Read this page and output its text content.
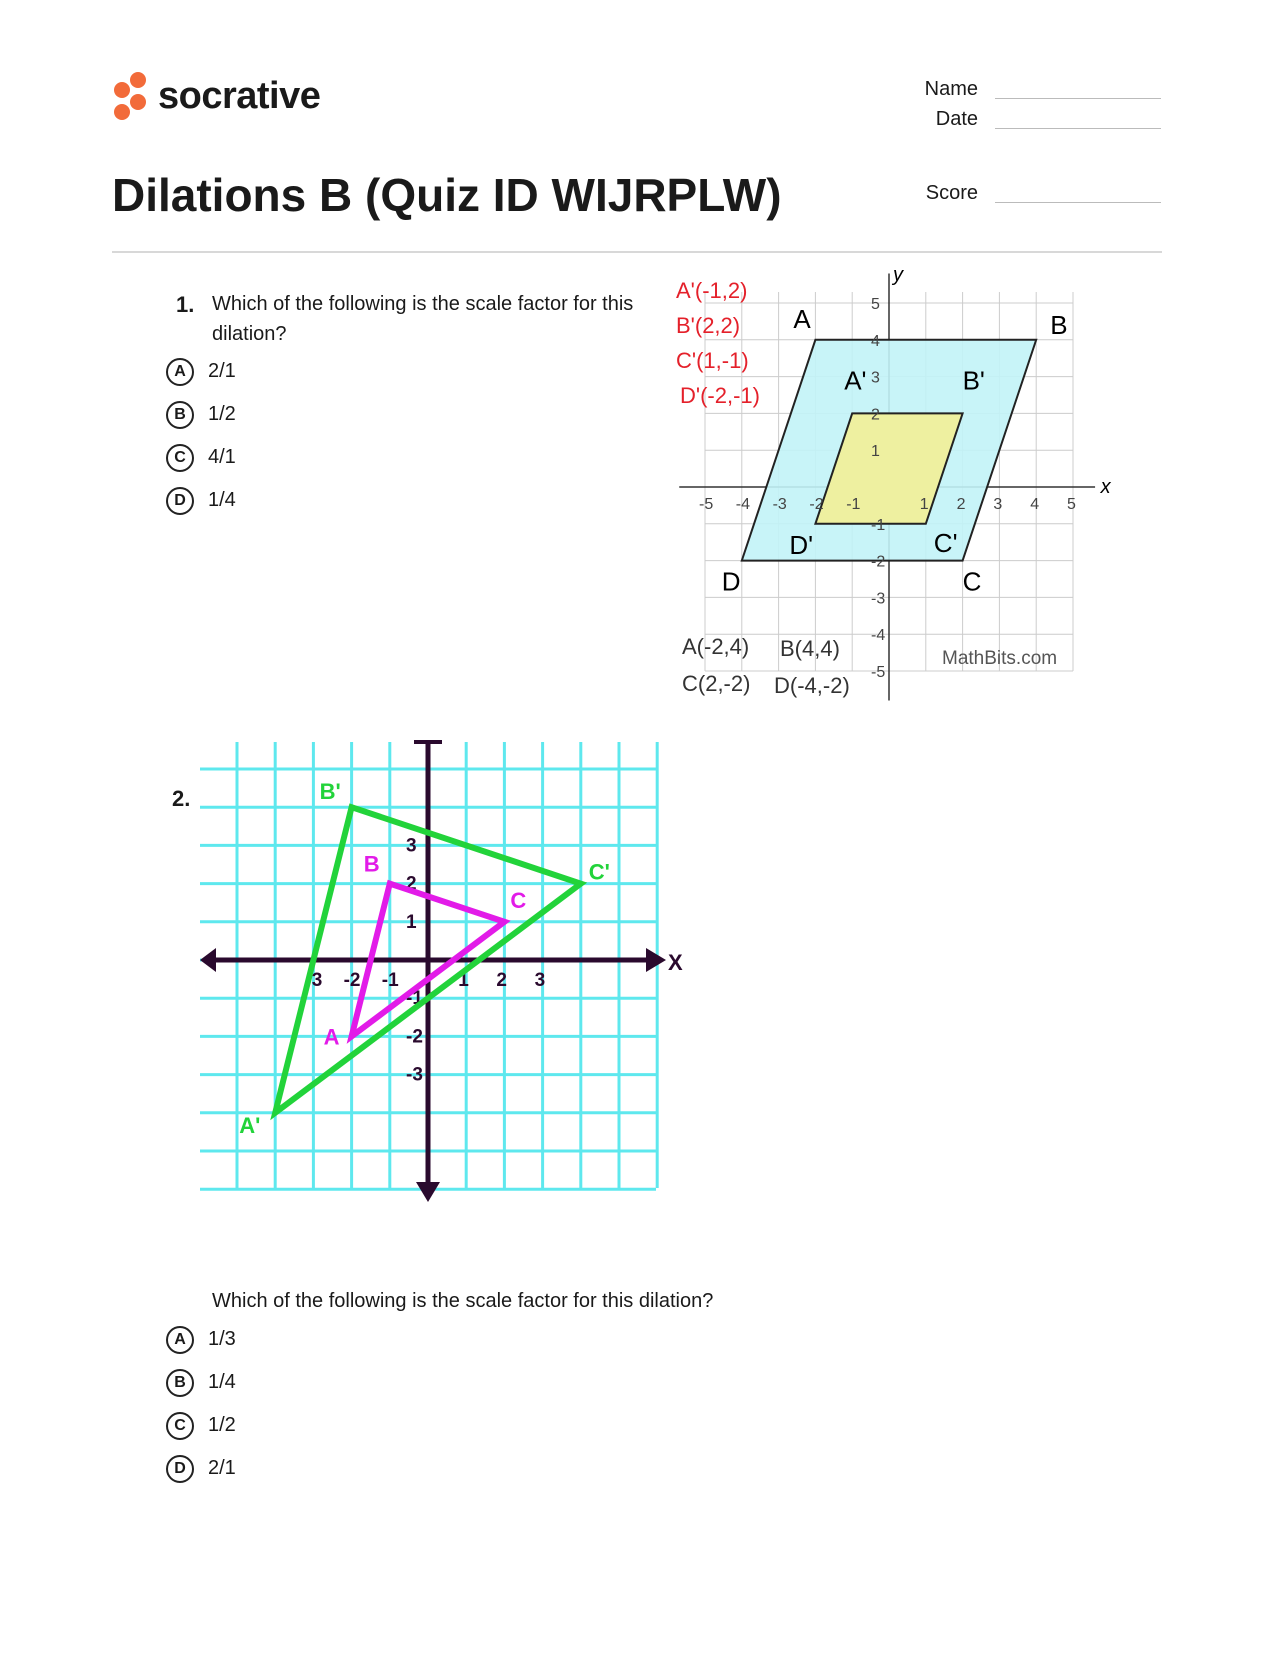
socrative	Name
Date
Score
Dilations B (Quiz ID WIJRPLW)
1. Which of the following is the scale factor for this dilation?
A	2/1
B	1/2
C	4/1
D	1/4
x
y
-5 -4 -3 -2 -1	1 2 3 4 5
-5
-4
-3
-2
-1
1
2
3
4
5
A	B
C
D
A'	B'
C'
D'
A'(-1,2)
B'(2,2)
C'(1,-1)
D'(-2,-1)
A(-2,4) B(4,4)
C(2,-2) D(-4,-2)
MathBits.com
2.
X
-3 -2 -1	1 2 3
3
2
1
-1
-2
-3
A'
B'
C'
A
B
C
Which of the following is the scale factor for this dilation?
A	1/3
B	1/4
C	1/2
D	2/1
